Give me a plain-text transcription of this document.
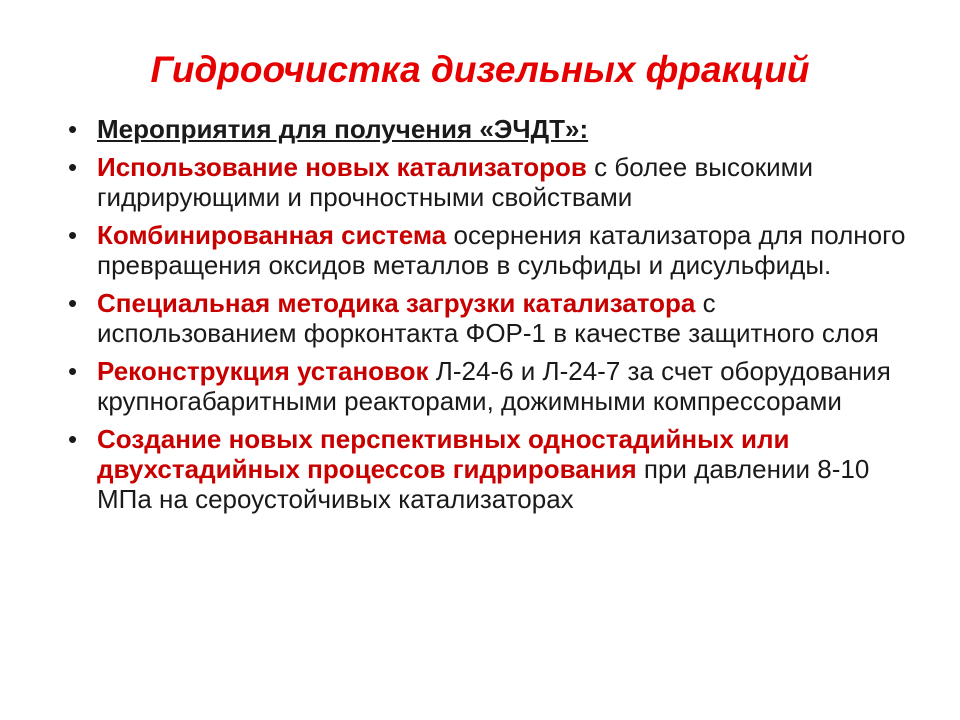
Гидроочистка дизельных фракций
• Мероприятия для получения «ЭЧДТ»:
• Использование новых катализаторов с более высокими гидрирующими и прочностными свойствами
• Комбинированная система осернения катализатора для полного превращения оксидов металлов в сульфиды и дисульфиды.
• Специальная методика загрузки катализатора с использованием форконтакта ФОР-1 в качестве защитного слоя
• Реконструкция установок Л-24-6 и Л-24-7 за счет оборудования крупногабаритными реакторами, дожимными компрессорами
• Создание новых перспективных одностадийных или двухстадийных процессов гидрирования при давлении 8-10 МПа на сероустойчивых катализаторах
